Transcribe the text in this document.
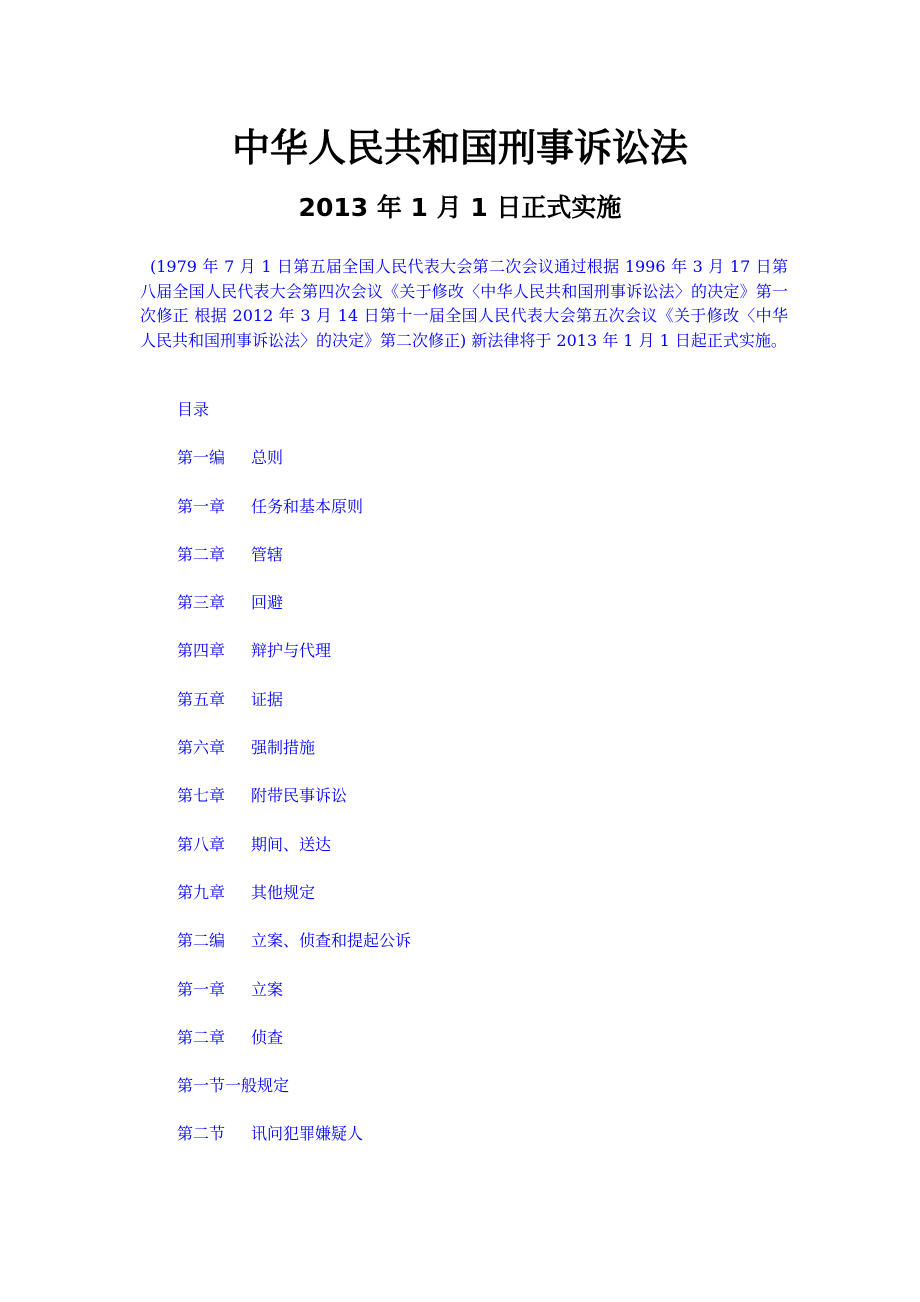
中华人民共和国刑事诉讼法
2013 年 1 月 1 日正式实施

(1979 年 7 月 1 日第五届全国人民代表大会第二次会议通过根据 1996 年 3 月 17 日第八届全国人民代表大会第四次会议《关于修改〈中华人民共和国刑事诉讼法〉的决定》第一次修正 根据 2012 年 3 月 14 日第十一届全国人民代表大会第五次会议《关于修改〈中华人民共和国刑事诉讼法〉的决定》第二次修正) 新法律将于 2013 年 1 月 1 日起正式实施。

目录
第一编 总则
第一章 任务和基本原则
第二章 管辖
第三章 回避
第四章 辩护与代理
第五章 证据
第六章 强制措施
第七章 附带民事诉讼
第八章 期间、送达
第九章 其他规定
第二编 立案、侦查和提起公诉
第一章 立案
第二章 侦查
第一节一般规定
第二节 讯问犯罪嫌疑人
